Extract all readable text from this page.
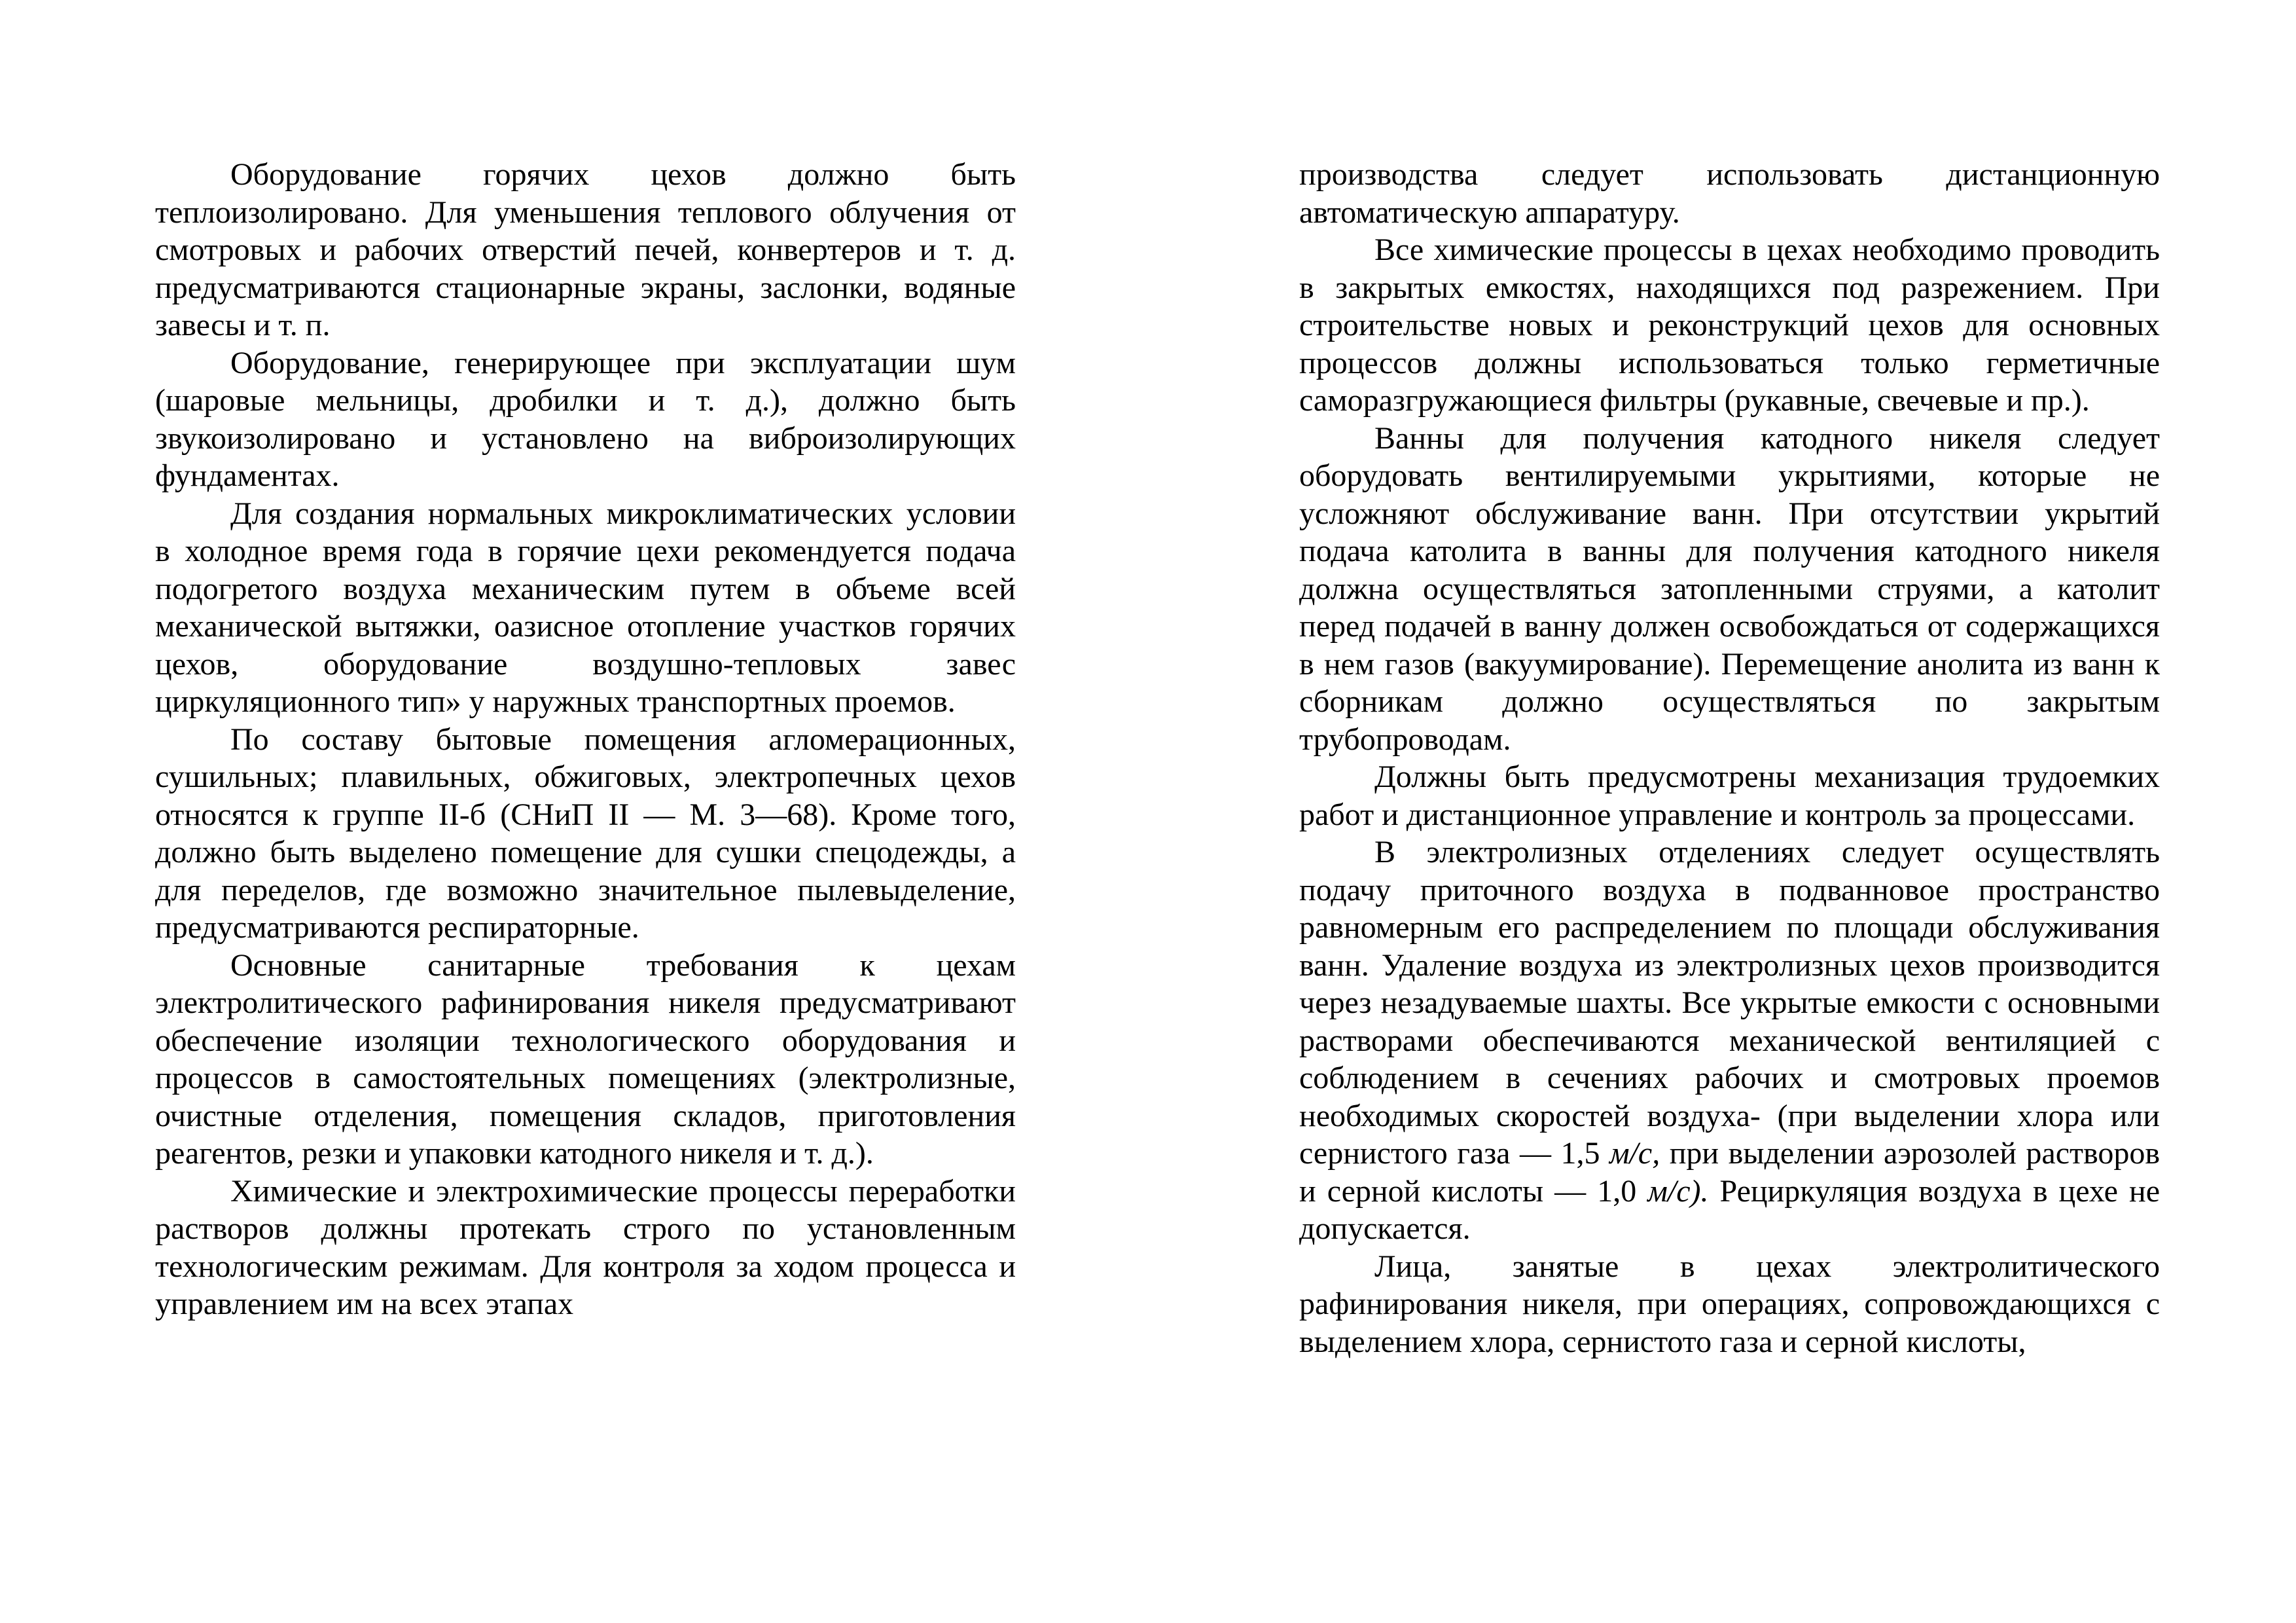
Оборудование горячих цехов должно быть теплоизолировано. Для уменьшения теплового облучения от смотровых и рабочих отверстий печей, конвертеров и т. д. предусматриваются стационарные экраны, заслонки, водяные завесы и т. п.

Оборудование, генерирующее при эксплуатации шум (шаровые мельницы, дробилки и т. д.), должно быть звукоизолировано и установлено на виброизолирующих фундаментах.

Для создания нормальных микроклиматических условии в холодное время года в горячие цехи рекомендуется подача подогретого воздуха механическим путем в объеме всей механической вытяжки, оазисное отопление участков горячих цехов, оборудование воздушно-тепловых завес циркуляционного тип» у наружных транспортных проемов.

По составу бытовые помещения агломерационных, сушильных; плавильных, обжиговых, электропечных цехов относятся к группе II-б (СНиП II — М. 3—68). Кроме того, должно быть выделено помещение для сушки спецодежды, а для переделов, где возможно значительное пылевыделение, предусматриваются респираторные.

Основные санитарные требования к цехам электролитического рафинирования никеля предусматривают обеспечение изоляции технологического оборудования и процессов в самостоятельных помещениях (электролизные, очистные отделения, помещения складов, приготовления реагентов, резки и упаковки катодного никеля и т. д.).

Химические и электрохимические процессы переработки растворов должны протекать строго по установленным технологическим режимам. Для контроля за ходом процесса и управлением им на всех этапах

производства следует использовать дистанционную автоматическую аппаратуру.

Все химические процессы в цехах необходимо проводить в закрытых емкостях, находящихся под разрежением. При строительстве новых и реконструкций цехов для основных процессов должны использоваться только герметичные саморазгружающиеся фильтры (рукавные, свечевые и пр.).

Ванны для получения катодного никеля следует оборудовать вентилируемыми укрытиями, которые не усложняют обслуживание ванн. При отсутствии укрытий подача католита в ванны для получения катодного никеля должна осуществляться затопленными струями, а католит перед подачей в ванну должен освобождаться от содержащихся в нем газов (вакуумирование). Перемещение анолита из ванн к сборникам должно осуществляться по закрытым трубопроводам.

Должны быть предусмотрены механизация трудоемких работ и дистанционное управление и контроль за процессами.

В электролизных отделениях следует осуществлять подачу приточного воздуха в подванновое пространство равномерным его распределением по площади обслуживания ванн. Удаление воздуха из электролизных цехов производится через незадуваемые шахты. Все укрытые емкости с основными растворами обеспечиваются механической вентиляцией с соблюдением в сечениях рабочих и смотровых проемов необходимых скоростей воздуха- (при выделении хлора или сернистого газа — 1,5 м/с, при выделении аэрозолей растворов и серной кислоты — 1,0 м/с). Рециркуляция воздуха в цехе не допускается.

Лица, занятые в цехах электролитического рафинирования никеля, при операциях, сопровождающихся с выделением хлора, сернистото газа и серной кислоты,
